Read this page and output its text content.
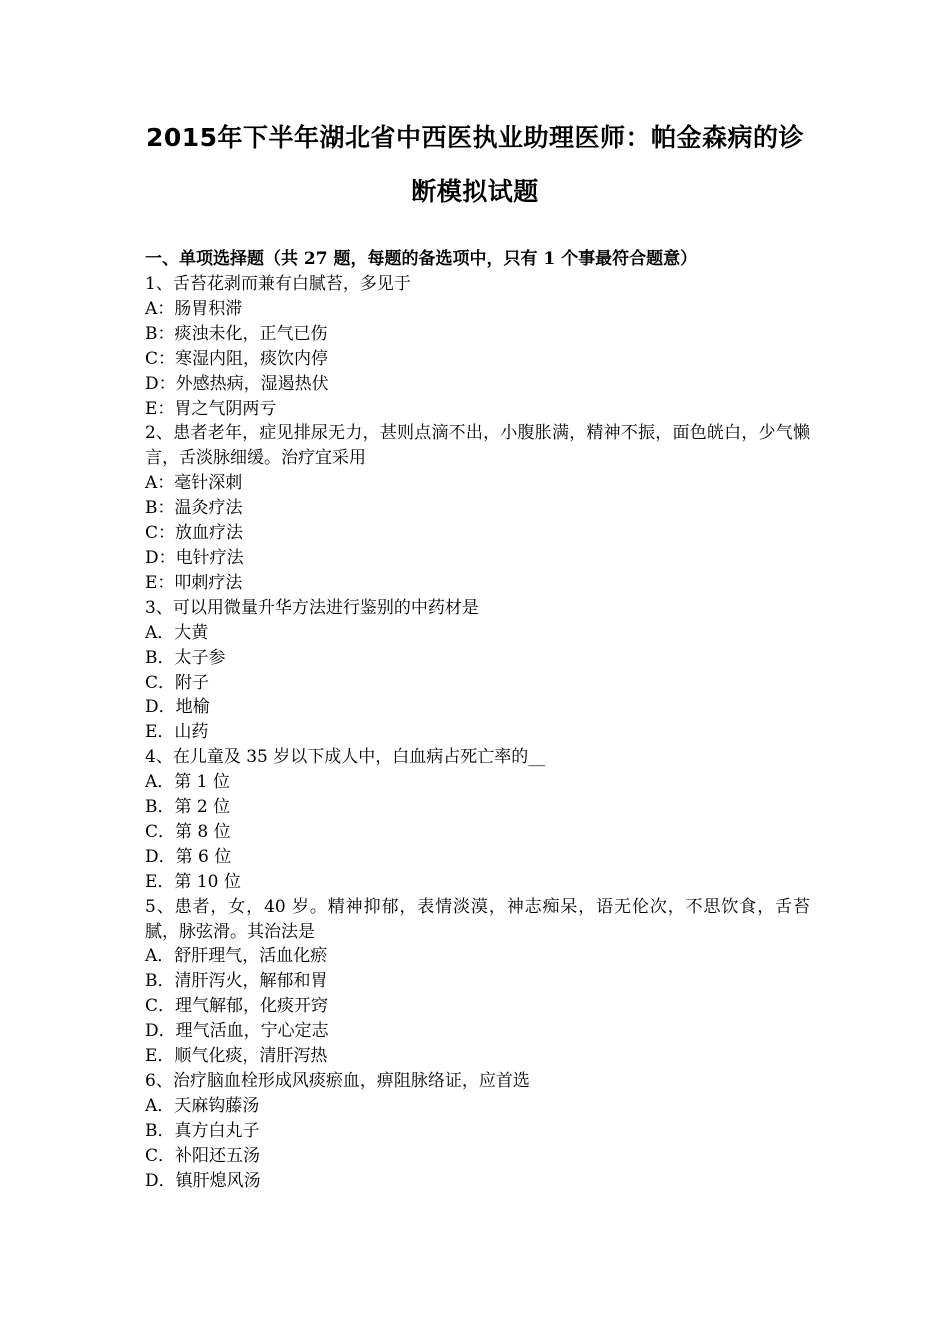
2015年下半年湖北省中西医执业助理医师：帕金森病的诊
断模拟试题
一、单项选择题（共 27 题，每题的备选项中，只有 1 个事最符合题意）
1、舌苔花剥而兼有白腻苔，多见于
A：肠胃积滞
B：痰浊未化，正气已伤
C：寒湿内阻，痰饮内停
D：外感热病，湿遏热伏
E：胃之气阴两亏
2、患者老年，症见排尿无力，甚则点滴不出，小腹胀满，精神不振，面色㿠白，少气懒言，舌淡脉细缓。治疗宜采用
A：毫针深刺
B：温灸疗法
C：放血疗法
D：电针疗法
E：叩刺疗法
3、可以用微量升华方法进行鉴别的中药材是
A．大黄
B．太子参
C．附子
D．地榆
E．山药
4、在儿童及 35 岁以下成人中，白血病占死亡率的__
A．第 1 位
B．第 2 位
C．第 8 位
D．第 6 位
E．第 10 位
5、患者，女，40 岁。精神抑郁，表情淡漠，神志痴呆，语无伦次，不思饮食，舌苔腻，脉弦滑。其治法是
A．舒肝理气，活血化瘀
B．清肝泻火，解郁和胃
C．理气解郁，化痰开窍
D．理气活血，宁心定志
E．顺气化痰，清肝泻热
6、治疗脑血栓形成风痰瘀血，痹阻脉络证，应首选
A．天麻钩藤汤
B．真方白丸子
C．补阳还五汤
D．镇肝熄风汤
